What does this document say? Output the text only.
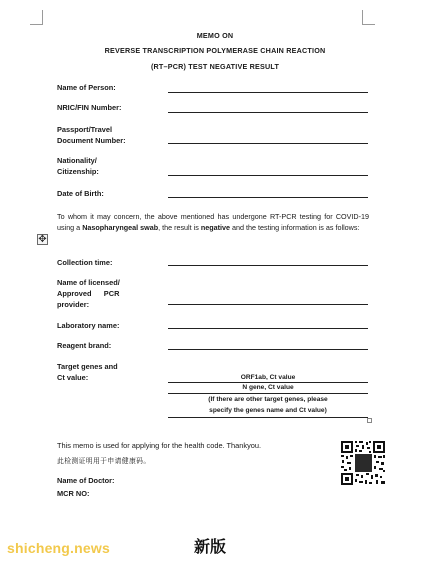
MEMO ON
REVERSE TRANSCRIPTION POLYMERASE CHAIN REACTION
(RT–PCR) TEST NEGATIVE RESULT
Name of Person:
NRIC/FIN Number:
Passport/Travel
Document Number:
Nationality/
Citizenship:
Date of Birth:
To whom it may concern, the above mentioned has undergone RT-PCR testing for COVID-19 using a Nasopharyngeal swab, the result is negative and the testing information is as follows:
✥
Collection time:
Name of licensed/
Approved      PCR
provider:
Laboratory name:
Reagent brand:
Target genes and
Ct value:	ORF1ab, Ct value
N gene, Ct value
(If there are other target genes, please
specify the genes name and Ct value)
This memo is used for applying for the health code. Thankyou.
此检测证明用于申请健康码。
Name of Doctor:
MCR NO:
shicheng.news	新版
